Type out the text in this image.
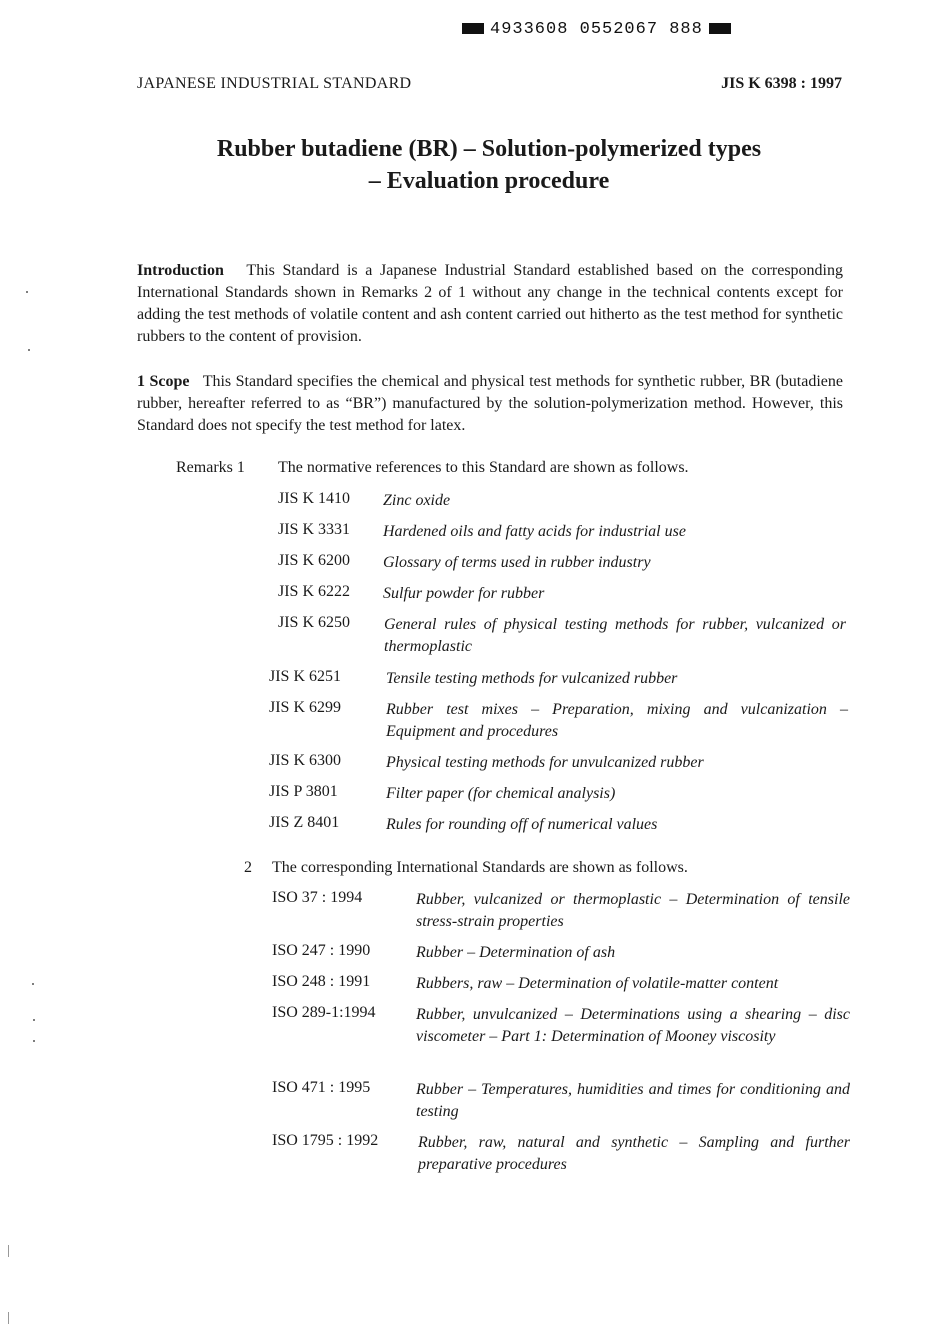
4933608 0552067 888
JAPANESE INDUSTRIAL STANDARD	JIS K 6398 : 1997
Rubber butadiene (BR) – Solution-polymerized types
– Evaluation procedure
Introduction This Standard is a Japanese Industrial Standard established based on the corresponding International Standards shown in Remarks 2 of 1 without any change in the technical contents except for adding the test methods of volatile content and ash content carried out hitherto as the test method for synthetic rubbers to the content of provision.
1 Scope This Standard specifies the chemical and physical test methods for synthetic rubber, BR (butadiene rubber, hereafter referred to as “BR”) manufactured by the solution-polymerization method. However, this Standard does not specify the test method for latex.
Remarks 1 The normative references to this Standard are shown as follows.
JIS K 1410 Zinc oxide
JIS K 3331 Hardened oils and fatty acids for industrial use
JIS K 6200 Glossary of terms used in rubber industry
JIS K 6222 Sulfur powder for rubber
JIS K 6250 General rules of physical testing methods for rubber, vulcanized or thermoplastic
JIS K 6251	Tensile testing methods for vulcanized rubber
JIS K 6299	Rubber test mixes – Preparation, mixing and vulcanization – Equipment and procedures
JIS K 6300	Physical testing methods for unvulcanized rubber
JIS P 3801	Filter paper (for chemical analysis)
JIS Z 8401	Rules for rounding off of numerical values
2 The corresponding International Standards are shown as follows.
ISO 37 : 1994	Rubber, vulcanized or thermoplastic – Determination of tensile stress-strain properties
ISO 247 : 1990	Rubber – Determination of ash
ISO 248 : 1991	Rubbers, raw – Determination of volatile-matter content
ISO 289-1:1994	Rubber, unvulcanized – Determinations using a shearing – disc viscometer – Part 1: Determination of Mooney viscosity
ISO 471 : 1995	Rubber – Temperatures, humidities and times for conditioning and testing
ISO 1795 : 1992 Rubber, raw, natural and synthetic – Sampling and further preparative procedures
